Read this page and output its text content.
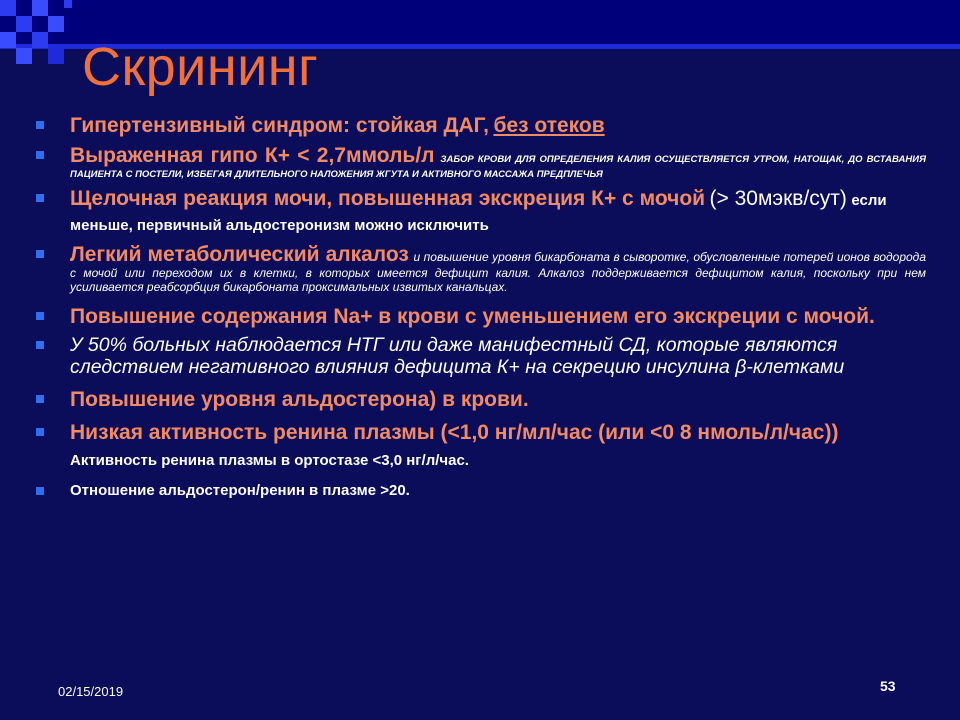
Скрининг
Гипертензивный синдром: стойкая ДАГ, без отеков
Выраженная гипо К+ < 2,7ммоль/л ЗАБОР КРОВИ ДЛЯ ОПРЕДЕЛЕНИЯ КАЛИЯ ОСУЩЕСТВЛЯЕТСЯ УТРОМ, НАТОЩАК, ДО ВСТАВАНИЯ ПАЦИЕНТА С ПОСТЕЛИ, ИЗБЕГАЯ ДЛИТЕЛЬНОГО НАЛОЖЕНИЯ ЖГУТА И АКТИВНОГО МАССАЖА ПРЕДПЛЕЧЬЯ
Щелочная реакция мочи, повышенная экскреция К+ с мочой (> 30мэкв/сут) если меньше, первичный альдостеронизм можно исключить
Легкий метаболический алкалоз и повышение уровня бикарбоната в сыворотке, обусловленные потерей ионов водорода с мочой или переходом их в клетки, в которых имеется дефицит калия. Алкалоз поддерживается дефицитом калия, поскольку при нем усиливается реабсорбция бикарбоната проксимальных извитых канальцах.
Повышение содержания Na+ в крови с уменьшением его экскреции с мочой.
У 50% больных наблюдается НТГ или даже манифестный СД, которые являются следствием негативного влияния дефицита К+ на секрецию инсулина β-клетками
Повышение уровня альдостерона) в крови.
Низкая активность ренина плазмы (<1,0 нг/мл/час (или <0 8 нмоль/л/час)) Активность ренина плазмы в ортостазе <3,0 нг/л/час.
Отношение альдостерон/ренин в плазме >20.
02/15/2019	53
